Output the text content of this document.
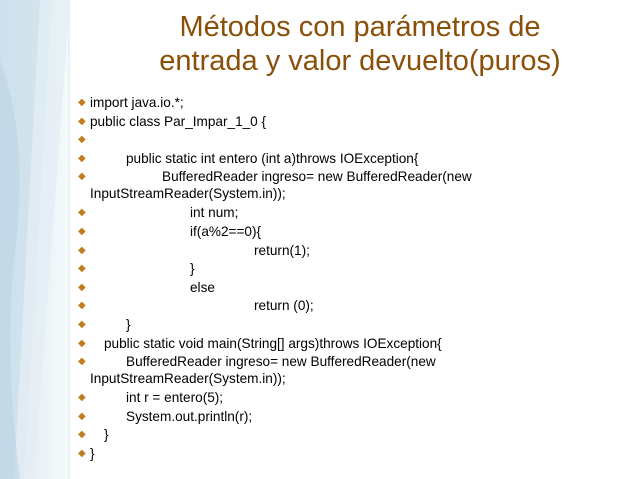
Métodos con parámetros de
entrada y valor devuelto(puros)
◆ import java.io.*;
◆ public class Par_Impar_1_0 {
◆
◆	public static int entero (int a)throws IOException{
◆	BufferedReader ingreso= new BufferedReader(new
InputStreamReader(System.in));
◆	int num;
◆	if(a%2==0){
◆	return(1);
◆	}
◆	else
◆	return (0);
◆	}
◆	public static void main(String[] args)throws IOException{
◆	BufferedReader ingreso= new BufferedReader(new
InputStreamReader(System.in));
◆	int r = entero(5);
◆	System.out.println(r);
◆	}
◆ }
